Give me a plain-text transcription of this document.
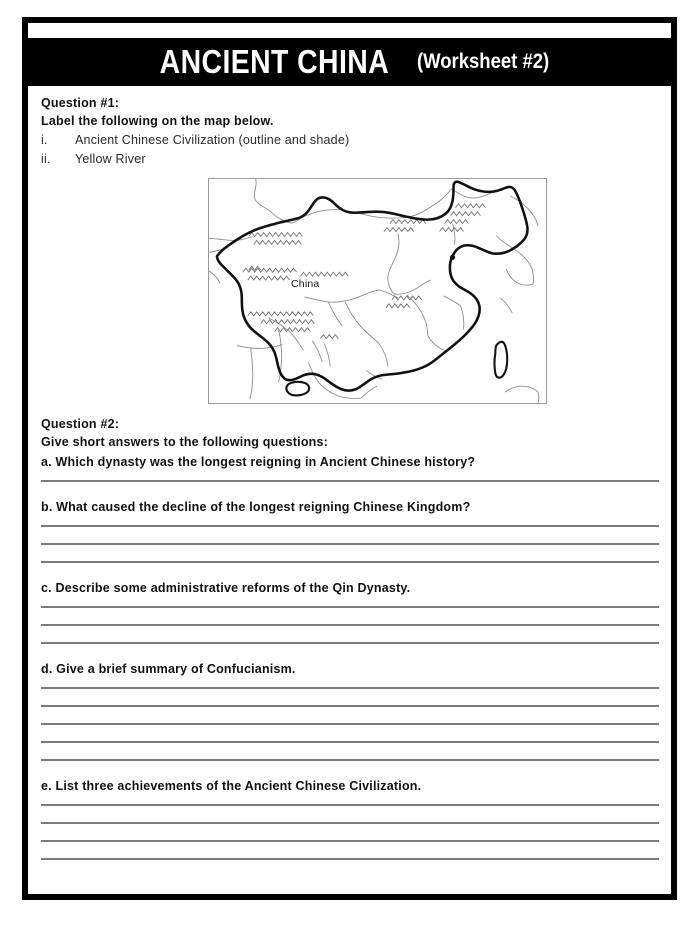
ANCIENT CHINA (Worksheet #2)

Question #1:

Label the following on the map below.

i.	Ancient Chinese Civilization (outline and shade)
ii.	Yellow River
China

Question #2:

Give short answers to the following questions:

a. Which dynasty was the longest reigning in Ancient Chinese history?

b. What caused the decline of the longest reigning Chinese Kingdom?

c. Describe some administrative reforms of the Qin Dynasty.

d. Give a brief summary of Confucianism.

e. List three achievements of the Ancient Chinese Civilization.
